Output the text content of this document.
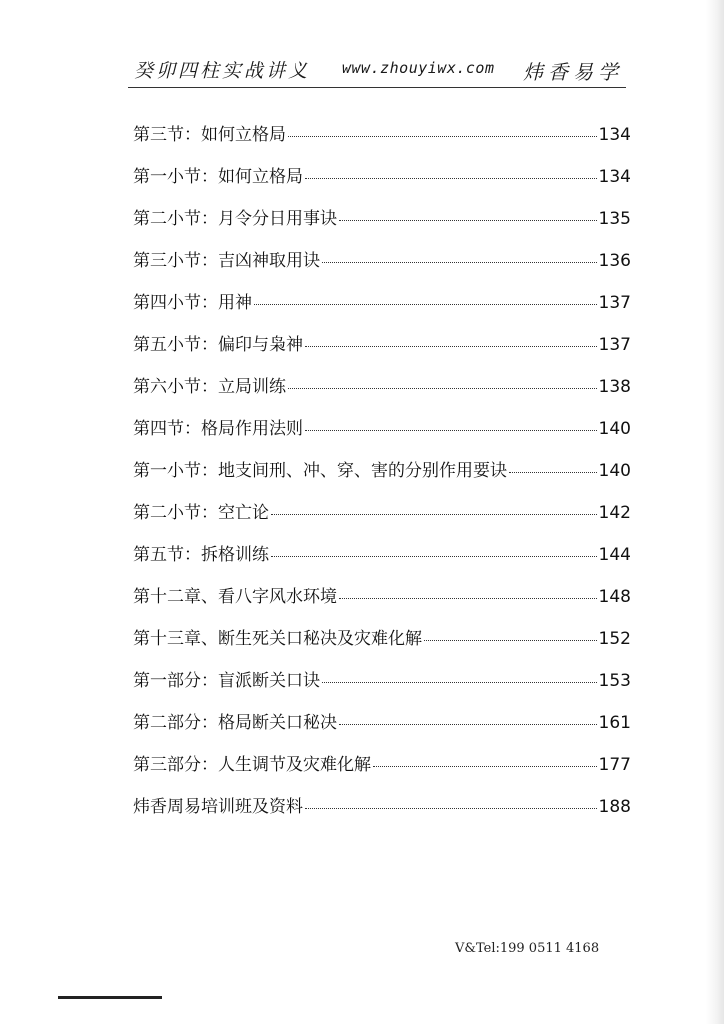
癸卯四柱实战讲义 www.zhouyiwx.com 炜香易学
第三节：如何立格局	134
第一小节：如何立格局	134
第二小节：月令分日用事诀	135
第三小节：吉凶神取用诀	136
第四小节：用神	137
第五小节：偏印与枭神	137
第六小节：立局训练	138
第四节：格局作用法则	140
第一小节：地支间刑、冲、穿、害的分别作用要诀	140
第二小节：空亡论	142
第五节：拆格训练	144
第十二章、看八字风水环境	148
第十三章、断生死关口秘决及灾难化解	152
第一部分：盲派断关口诀	153
第二部分：格局断关口秘决	161
第三部分：人生调节及灾难化解	177
炜香周易培训班及资料	188
V&Tel:199 0511 4168
